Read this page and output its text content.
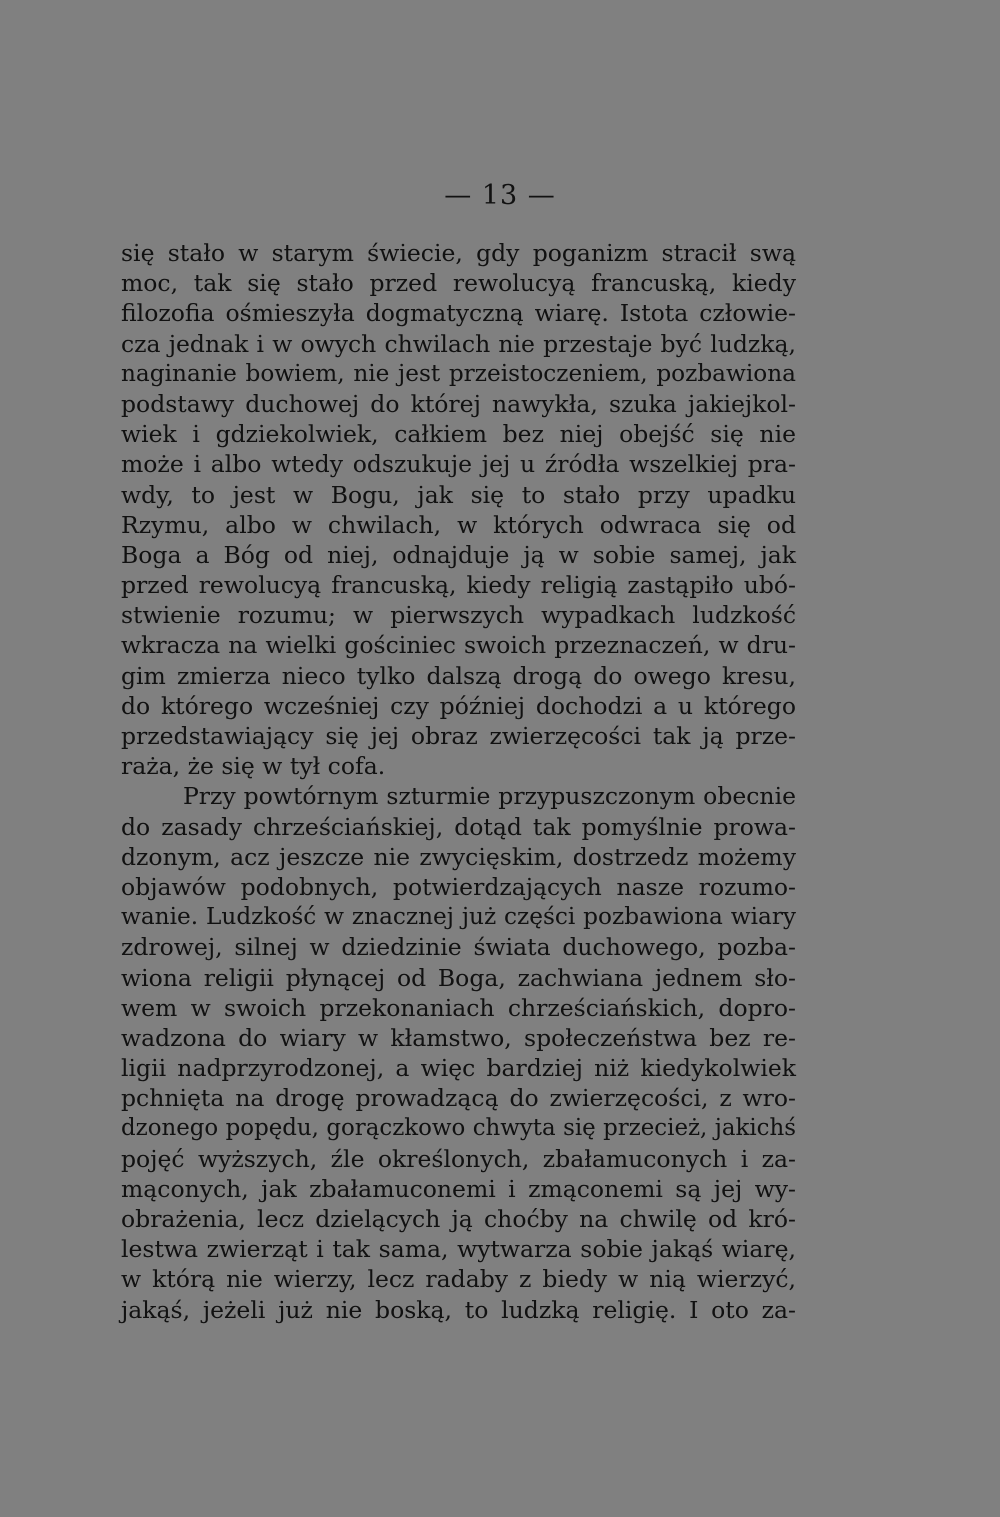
— 13 —
się stało w starym świecie, gdy poganizm stracił swą
moc, tak się stało przed rewolucyą francuską, kiedy
filozofia ośmieszyła dogmatyczną wiarę. Istota człowie-
cza jednak i w owych chwilach nie przestaje być ludzką,
naginanie bowiem, nie jest przeistoczeniem, pozbawiona
podstawy duchowej do której nawykła, szuka jakiejkol-
wiek i gdziekolwiek, całkiem bez niej obejść się nie
może i albo wtedy odszukuje jej u źródła wszelkiej pra-
wdy, to jest w Bogu, jak się to stało przy upadku
Rzymu, albo w chwilach, w których odwraca się od
Boga a Bóg od niej, odnajduje ją w sobie samej, jak
przed rewolucyą francuską, kiedy religią zastąpiło ubó-
stwienie rozumu; w pierwszych wypadkach ludzkość
wkracza na wielki gościniec swoich przeznaczeń, w dru-
gim zmierza nieco tylko dalszą drogą do owego kresu,
do którego wcześniej czy później dochodzi a u którego
przedstawiający się jej obraz zwierzęcości tak ją prze-
raża, że się w tył cofa.
Przy powtórnym szturmie przypuszczonym obecnie
do zasady chrześciańskiej, dotąd tak pomyślnie prowa-
dzonym, acz jeszcze nie zwycięskim, dostrzedz możemy
objawów podobnych, potwierdzających nasze rozumo-
wanie. Ludzkość w znacznej już części pozbawiona wiary
zdrowej, silnej w dziedzinie świata duchowego, pozba-
wiona religii płynącej od Boga, zachwiana jednem sło-
wem w swoich przekonaniach chrześciańskich, dopro-
wadzona do wiary w kłamstwo, społeczeństwa bez re-
ligii nadprzyrodzonej, a więc bardziej niż kiedykolwiek
pchnięta na drogę prowadzącą do zwierzęcości, z wro-
dzonego popędu, gorączkowo chwyta się przecież, jakichś
pojęć wyższych, źle określonych, zbałamuconych i za-
mąconych, jak zbałamuconemi i zmąconemi są jej wy-
obrażenia, lecz dzielących ją choćby na chwilę od kró-
lestwa zwierząt i tak sama, wytwarza sobie jakąś wiarę,
w którą nie wierzy, lecz radaby z biedy w nią wierzyć,
jakąś, jeżeli już nie boską, to ludzką religię. I oto za-
